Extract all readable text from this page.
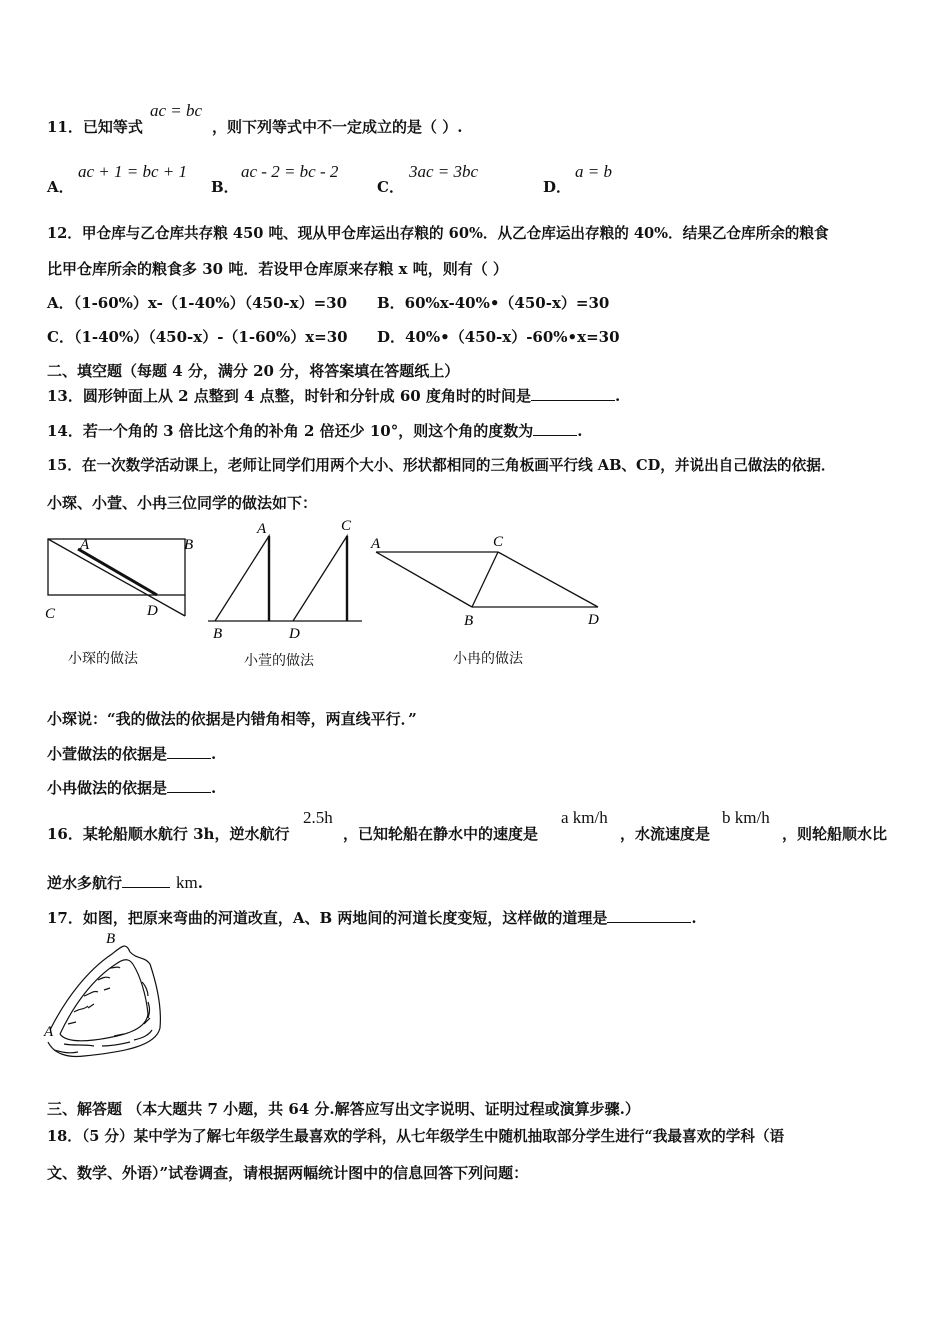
11．已知等式
ac = bc
，则下列等式中不一定成立的是（ ）.
A．
ac + 1 = bc + 1
B．
ac - 2 = bc - 2
C．
3ac = 3bc
D．
a = b
12．甲仓库与乙仓库共存粮 450 吨、现从甲仓库运出存粮的 60%．从乙仓库运出存粮的 40%．结果乙仓库所余的粮食
比甲仓库所余的粮食多 30 吨．若设甲仓库原来存粮 x 吨，则有（ ）
A．（1-60%）x-（1-40%）（450-x）=30 B．60%x-40%•（450-x）=30
C．（1-40%）（450-x）-（1-60%）x=30 D．40%•（450-x）-60%•x=30
二、填空题（每题 4 分，满分 20 分，将答案填在答题纸上）
13．圆形钟面上从 2 点整到 4 点整，时针和分针成 60 度角时的时间是	.
14．若一个角的 3 倍比这个角的补角 2 倍还少 10°，则这个角的度数为	.
15．在一次数学活动课上，老师让同学们用两个大小、形状都相同的三角板画平行线 AB、CD，并说出自己做法的依据．
小琛、小萱、小冉三位同学的做法如下：
A	B
C	D
小琛的做法
A	C
B	D
小萱的做法
A	C
B	D
小冉的做法
小琛说：“我的做法的依据是内错角相等，两直线平行．”
小萱做法的依据是	.
小冉做法的依据是	.
16．某轮船顺水航行 3h，逆水航行
2.5h
，已知轮船在静水中的速度是
a km/h
，水流速度是
b km/h
，则轮船顺水比
逆水多航行	km.
17．如图，把原来弯曲的河道改直，A、B 两地间的河道长度变短，这样做的道理是	.
B
A
三、解答题 （本大题共 7 小题，共 64 分.解答应写出文字说明、证明过程或演算步骤.）
18．（5 分）某中学为了解七年级学生最喜欢的学科，从七年级学生中随机抽取部分学生进行“我最喜欢的学科（语
文、数学、外语）”试卷调查，请根据两幅统计图中的信息回答下列问题：
